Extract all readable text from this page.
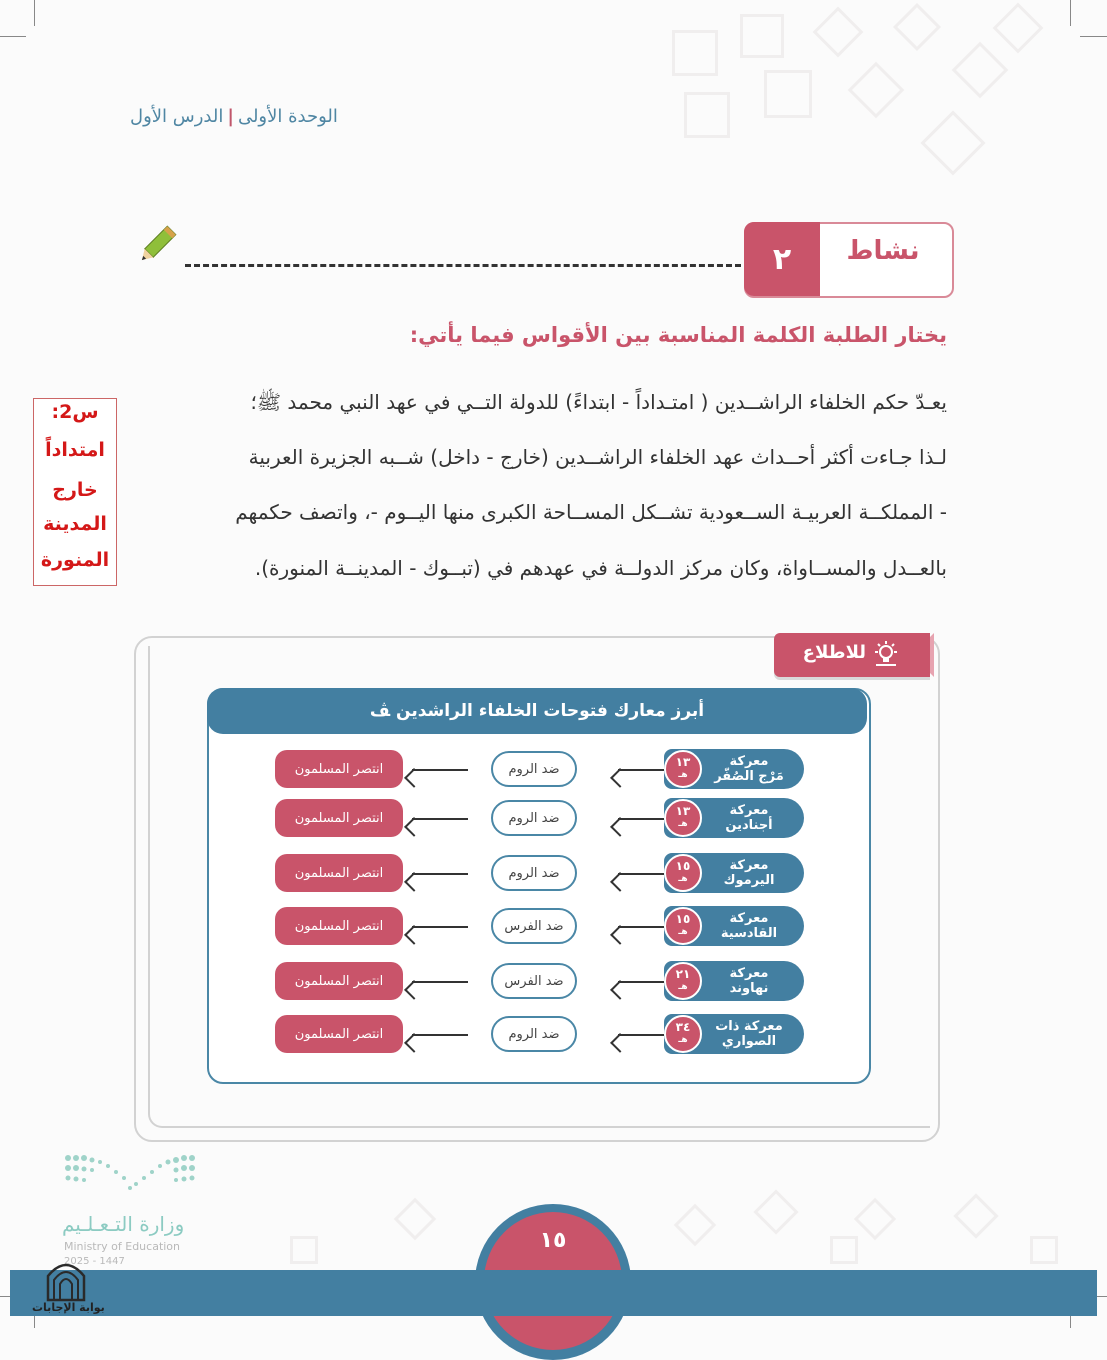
الوحدة الأولى|الدرس الأول
٢	نشاط
يختار الطلبة الكلمة المناسبة بين الأقواس فيما يأتي:
يعـدّ حكم الخلفاء الراشــدين ( امتـداداً - ابتداءً) للدولة التــي في عهد النبي محمد ﷺ؛
لـذا جـاءت أكثر أحــداث عهد الخلفاء الراشــدين (خارج - داخل) شــبه الجزيرة العربية
- المملكــة العربيـة الســعودية تشــكل المســاحة الكبرى منها اليــوم -، واتصف حكمهم
بالعــدل والمســاواة، وكان مركز الدولــة في عهدهم في (تبــوك - المدينــة المنورة).
س2:
امتداداً
خارج
المدينة
المنورة
للاطلاع
أبرز معارك فتوحات الخلفاء الراشدين ﭫ
معركة
مَرْج الصُفّر
١٣
هـ
ضد الروم
انتصر المسلمون
معركة
أجنادين
١٣
هـ
ضد الروم
انتصر المسلمون
معركة
اليرموك
١٥
هـ
ضد الروم
انتصر المسلمون
معركة
القادسية
١٥
هـ
ضد الفرس
انتصر المسلمون
معركة
نهاوند
٢١
هـ
ضد الفرس
انتصر المسلمون
معركة ذات
الصواري
٣٤
هـ
ضد الروم
انتصر المسلمون
١٥
وزارة التـعـلـيم
Ministry of Education
2025 - 1447
بوابة الإجابات
